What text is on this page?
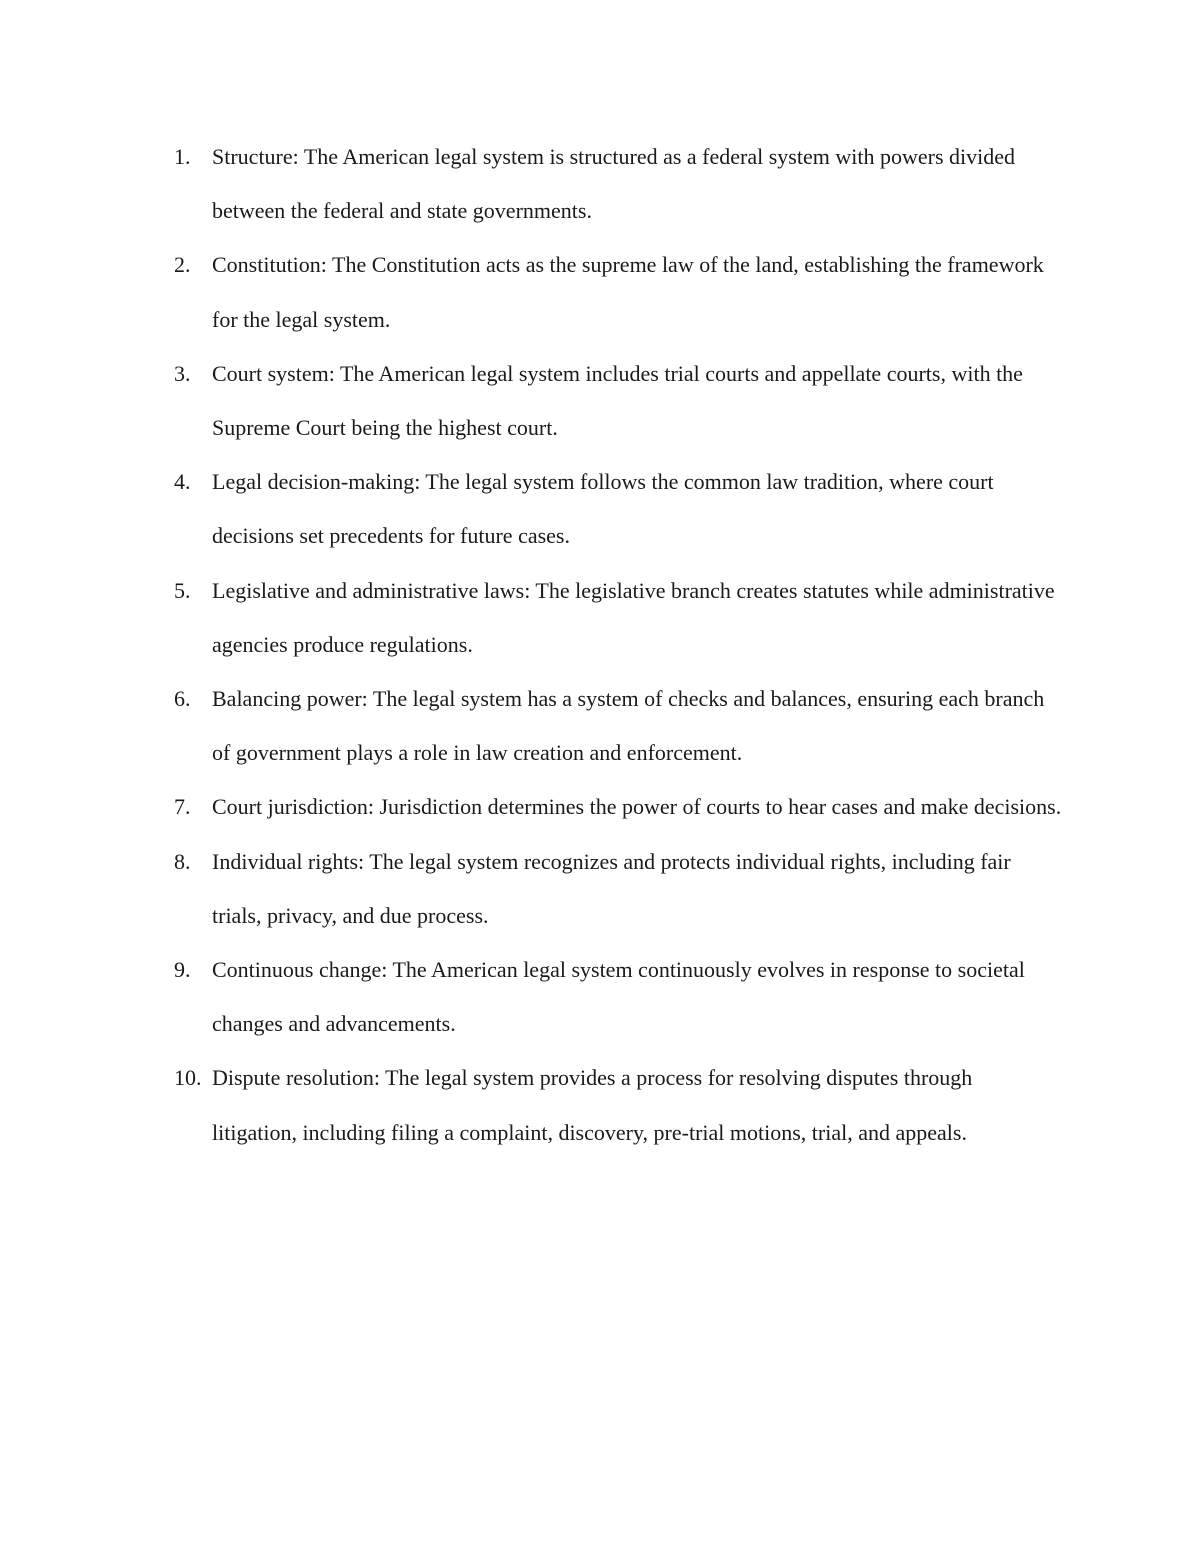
1. Structure: The American legal system is structured as a federal system with powers divided between the federal and state governments.
2. Constitution: The Constitution acts as the supreme law of the land, establishing the framework for the legal system.
3. Court system: The American legal system includes trial courts and appellate courts, with the Supreme Court being the highest court.
4. Legal decision-making: The legal system follows the common law tradition, where court decisions set precedents for future cases.
5. Legislative and administrative laws: The legislative branch creates statutes while administrative agencies produce regulations.
6. Balancing power: The legal system has a system of checks and balances, ensuring each branch of government plays a role in law creation and enforcement.
7. Court jurisdiction: Jurisdiction determines the power of courts to hear cases and make decisions.
8. Individual rights: The legal system recognizes and protects individual rights, including fair trials, privacy, and due process.
9. Continuous change: The American legal system continuously evolves in response to societal changes and advancements.
10. Dispute resolution: The legal system provides a process for resolving disputes through litigation, including filing a complaint, discovery, pre-trial motions, trial, and appeals.
